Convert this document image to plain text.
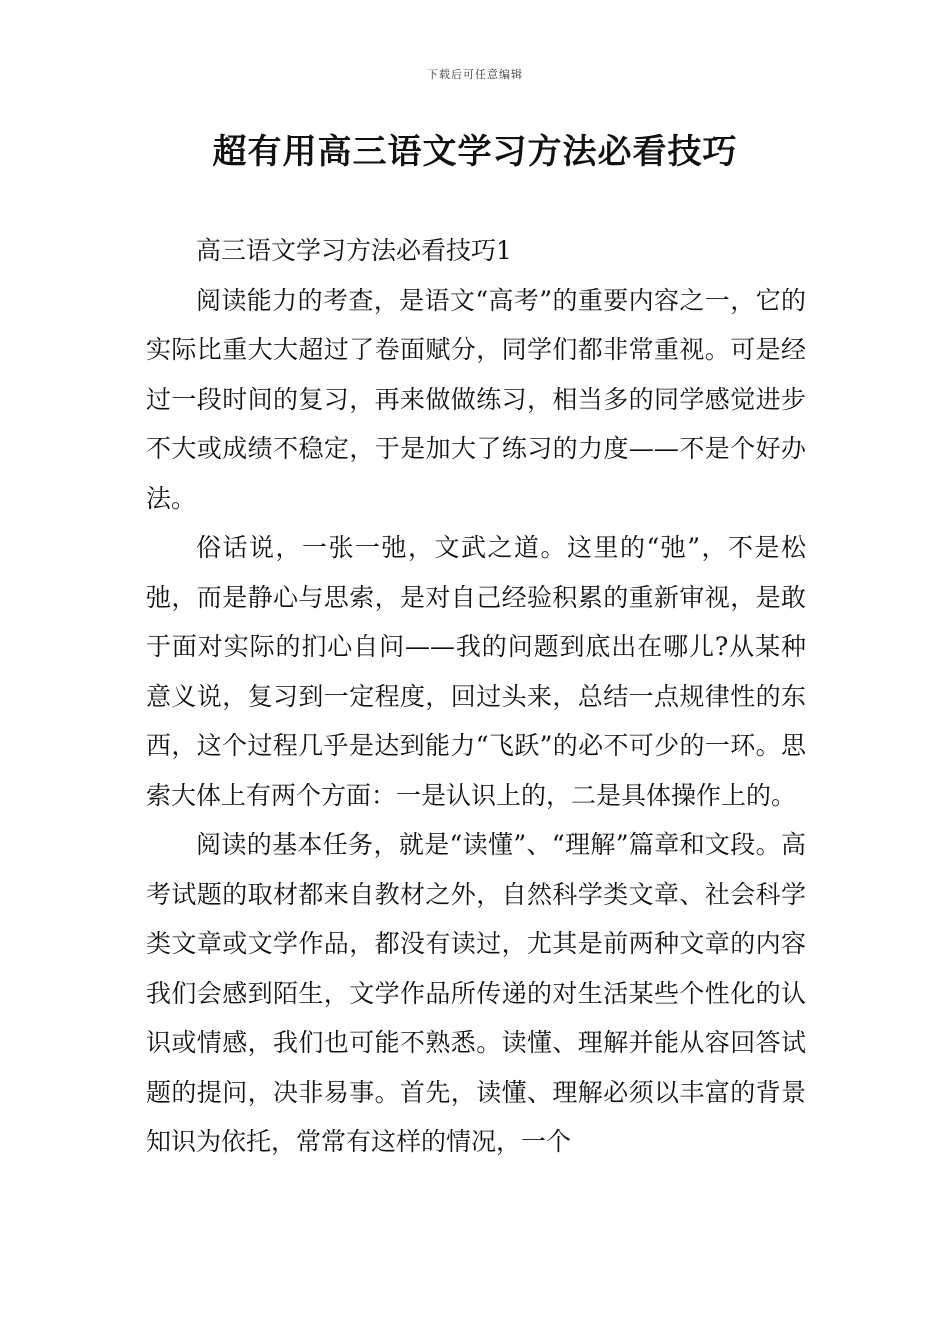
下载后可任意编辑
超有用高三语文学习方法必看技巧

高三语文学习方法必看技巧1

阅读能力的考查，是语文“高考”的重要内容之一，它的实际比重大大超过了卷面赋分，同学们都非常重视。可是经过一段时间的复习，再来做做练习，相当多的同学感觉进步不大或成绩不稳定，于是加大了练习的力度——不是个好办法。

俗话说，一张一弛，文武之道。这里的“弛”，不是松弛，而是静心与思索，是对自己经验积累的重新审视，是敢于面对实际的扪心自问——我的问题到底出在哪儿?从某种意义说，复习到一定程度，回过头来，总结一点规律性的东西，这个过程几乎是达到能力“飞跃”的必不可少的一环。思索大体上有两个方面：一是认识上的，二是具体操作上的。

阅读的基本任务，就是“读懂”、“理解”篇章和文段。高考试题的取材都来自教材之外，自然科学类文章、社会科学类文章或文学作品，都没有读过，尤其是前两种文章的内容我们会感到陌生，文学作品所传递的对生活某些个性化的认识或情感，我们也可能不熟悉。读懂、理解并能从容回答试题的提问，决非易事。首先，读懂、理解必须以丰富的背景知识为依托，常常有这样的情况，一个
